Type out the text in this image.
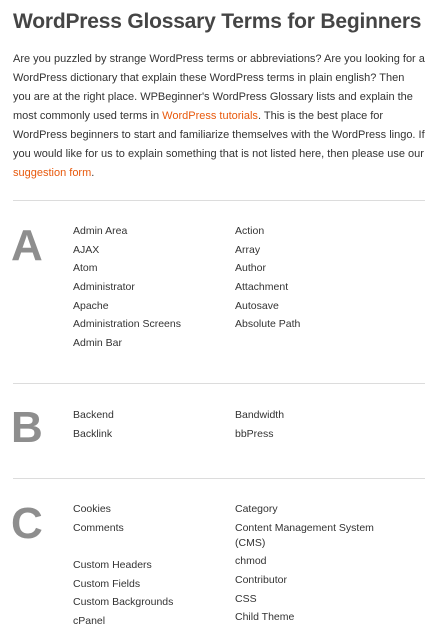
WordPress Glossary Terms for Beginners

Are you puzzled by strange WordPress terms or abbreviations? Are you looking for a WordPress dictionary that explain these WordPress terms in plain english? Then you are at the right place. WPBeginner's WordPress Glossary lists and explain the most commonly used terms in WordPress tutorials. This is the best place for WordPress beginners to start and familiarize themselves with the WordPress lingo. If you would like for us to explain something that is not listed here, then please use our suggestion form.

A	Admin Area
AJAX
Atom
Administrator
Apache
Administration Screens
Admin Bar
Action
Array
Author
Attachment
Autosave
Absolute Path
B	Backend
Backlink
Bandwidth
bbPress
C	Cookies
Comments
Custom Headers
Custom Fields
Custom Backgrounds
cPanel
Category
Content Management System (CMS)
chmod
Contributor
CSS
Child Theme
